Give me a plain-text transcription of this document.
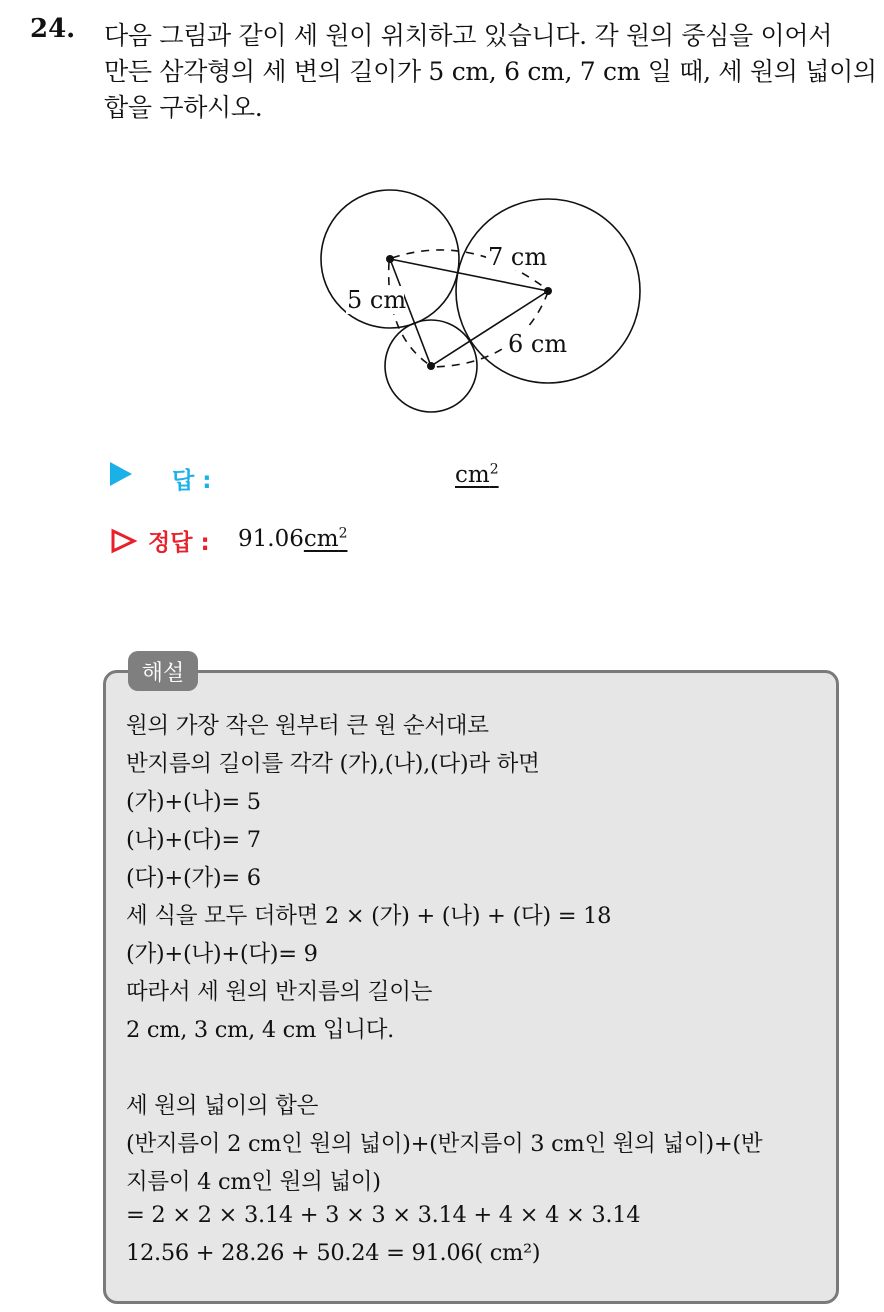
24. 다음 그림과 같이 세 원이 위치하고 있습니다. 각 원의 중심을 이어서
만든 삼각형의 세 변의 길이가 5 cm, 6 cm, 7 cm 일 때, 세 원의 넓이의
합을 구하시오.
7 cm
5 cm
6 cm
답 :	$cm^2$
정답 : $91.06cm^2$
해설
원의 가장 작은 원부터 큰 원 순서대로
반지름의 길이를 각각 (가),(나),(다)라 하면
(가)+(나)= 5
(나)+(다)= 7
(다)+(가)= 6
세 식을 모두 더하면 2 × (가) + (나) + (다) = 18
(가)+(나)+(다)= 9
따라서 세 원의 반지름의 길이는
2 cm, 3 cm, 4 cm 입니다.
세 원의 넓이의 합은
(반지름이 2 cm인 원의 넓이)+(반지름이 3 cm인 원의 넓이)+(반
지름이 4 cm인 원의 넓이)
= 2 × 2 × 3.14 + 3 × 3 × 3.14 + 4 × 4 × 3.14
12.56 + 28.26 + 50.24 = 91.06( cm²)
